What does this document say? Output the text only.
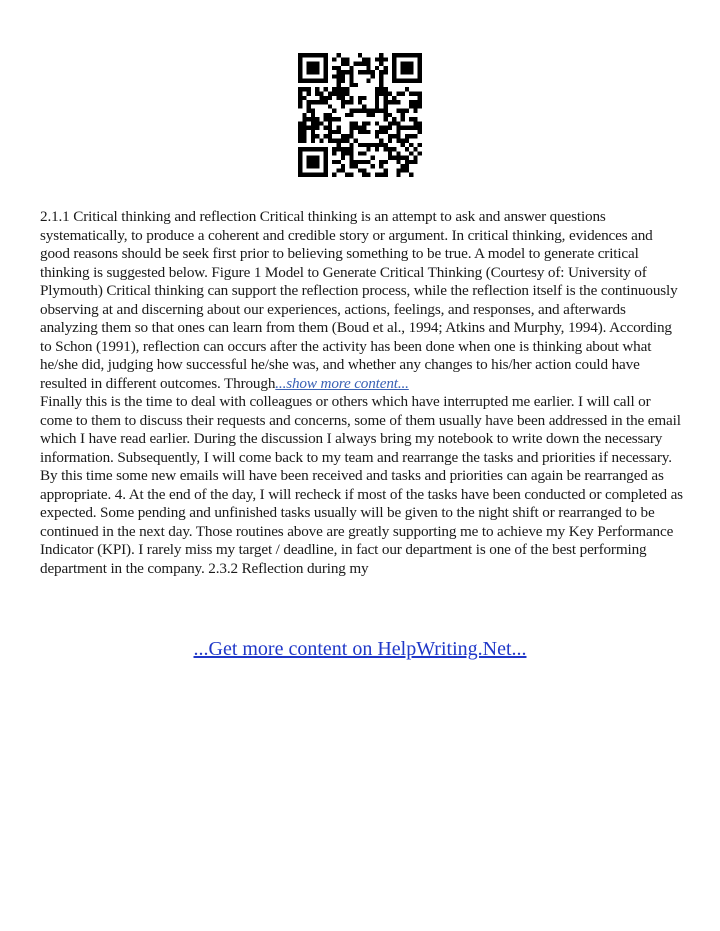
2.1.1 Critical thinking and reflection Critical thinking is an attempt to ask and answer questions systematically, to produce a coherent and credible story or argument. In critical thinking, evidences and good reasons should be seek first prior to believing something to be true. A model to generate critical thinking is suggested below. Figure 1 Model to Generate Critical Thinking (Courtesy of: University of Plymouth) Critical thinking can support the reflection process, while the reflection itself is the continuously observing at and discerning about our experiences, actions, feelings, and responses, and afterwards analyzing them so that ones can learn from them (Boud et al., 1994; Atkins and Murphy, 1994). According to Schon (1991), reflection can occurs after the activity has been done when one is thinking about what he/she did, judging how successful he/she was, and whether any changes to his/her action could have resulted in different outcomes. Through...show more content...

Finally this is the time to deal with colleagues or others which have interrupted me earlier. I will call or come to them to discuss their requests and concerns, some of them usually have been addressed in the email which I have read earlier. During the discussion I always bring my notebook to write down the necessary information. Subsequently, I will come back to my team and rearrange the tasks and priorities if necessary. By this time some new emails will have been received and tasks and priorities can again be rearranged as appropriate. 4. At the end of the day, I will recheck if most of the tasks have been conducted or completed as expected. Some pending and unfinished tasks usually will be given to the night shift or rearranged to be continued in the next day. Those routines above are greatly supporting me to achieve my Key Performance Indicator (KPI). I rarely miss my target / deadline, in fact our department is one of the best performing department in the company. 2.3.2 Reflection during my

...Get more content on HelpWriting.Net...
